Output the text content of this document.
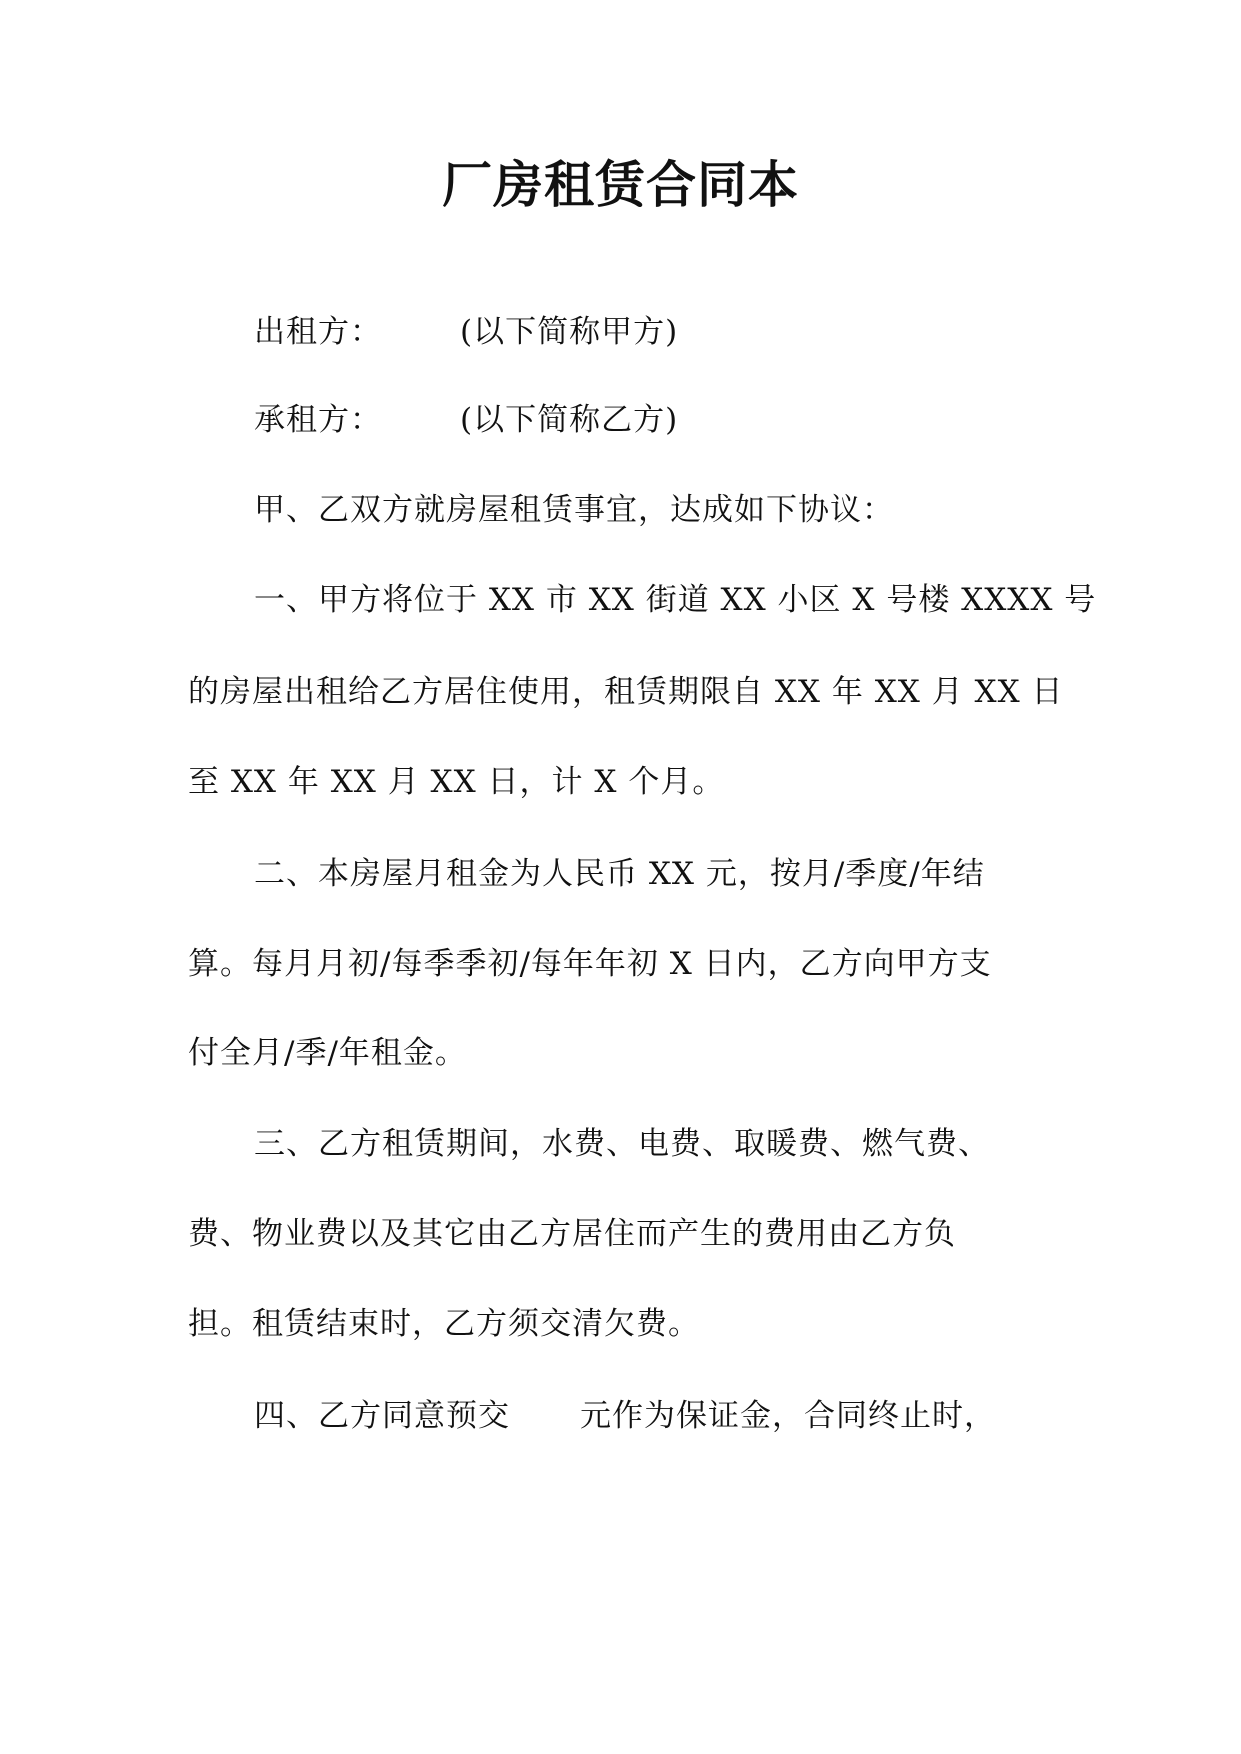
厂房租赁合同本
出租方：	(以下简称甲方)
承租方：	(以下简称乙方)
甲、乙双方就房屋租赁事宜，达成如下协议：
一、甲方将位于 XX 市 XX 街道 XX 小区 X 号楼 XXXX 号
的房屋出租给乙方居住使用，租赁期限自 XX 年 XX 月 XX 日
至 XX 年 XX 月 XX 日，计 X 个月。
二、本房屋月租金为人民币 XX 元，按月/季度/年结
算。每月月初/每季季初/每年年初 X 日内，乙方向甲方支
付全月/季/年租金。
三、乙方租赁期间，水费、电费、取暖费、燃气费、
费、物业费以及其它由乙方居住而产生的费用由乙方负
担。租赁结束时，乙方须交清欠费。
四、乙方同意预交 元作为保证金，合同终止时，
